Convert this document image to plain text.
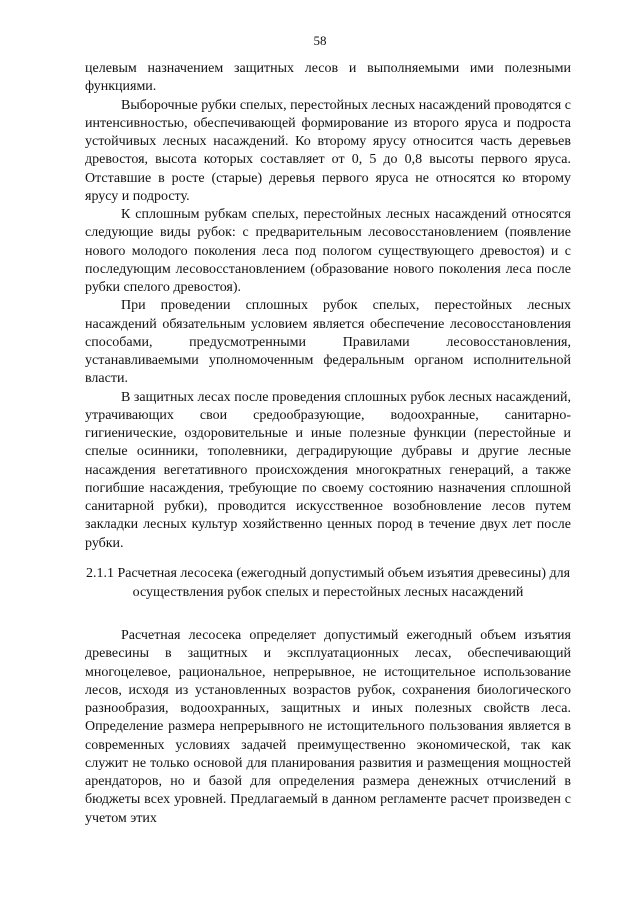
58

целевым назначением защитных лесов и выполняемыми ими полезными функциями.

Выборочные рубки спелых, перестойных лесных насаждений проводятся с интенсивностью, обеспечивающей формирование из второго яруса и подроста устойчивых лесных насаждений. Ко второму ярусу относится часть деревьев древостоя, высота которых составляет от 0, 5 до 0,8 высоты первого яруса. Отставшие в росте (старые) деревья первого яруса не относятся ко второму ярусу и подросту.

К сплошным рубкам спелых, перестойных лесных насаждений относятся следующие виды рубок: с предварительным лесовосстановлением (появление нового молодого поколения леса под пологом существующего древостоя) и с последующим лесовосстановлением (образование нового поколения леса после рубки спелого древостоя).

При проведении сплошных рубок спелых, перестойных лесных насаждений обязательным условием является обеспечение лесовосстановления способами, предусмотренными Правилами лесовосстановления, устанавливаемыми уполномоченным федеральным органом исполнительной власти.

В защитных лесах после проведения сплошных рубок лесных насаждений, утрачивающих свои средообразующие, водоохранные, санитарно-гигиенические, оздоровительные и иные полезные функции (перестойные и спелые осинники, тополевники, деградирующие дубравы и другие лесные насаждения вегетативного происхождения многократных генераций, а также погибшие насаждения, требующие по своему состоянию назначения сплошной санитарной рубки), проводится искусственное возобновление лесов путем закладки лесных культур хозяйственно ценных пород в течение двух лет после рубки.

2.1.1 Расчетная лесосека (ежегодный допустимый объем изъятия древесины) для осуществления рубок спелых и перестойных лесных насаждений

Расчетная лесосека определяет допустимый ежегодный объем изъятия древесины в защитных и эксплуатационных лесах, обеспечивающий многоцелевое, рациональное, непрерывное, не истощительное использование лесов, исходя из установленных возрастов рубок, сохранения биологического разнообразия, водоохранных, защитных и иных полезных свойств леса. Определение размера непрерывного не истощительного пользования является в современных условиях задачей преимущественно экономической, так как служит не только основой для планирования развития и размещения мощностей арендаторов, но и базой для определения размера денежных отчислений в бюджеты всех уровней. Предлагаемый в данном регламенте расчет произведен с учетом этих
